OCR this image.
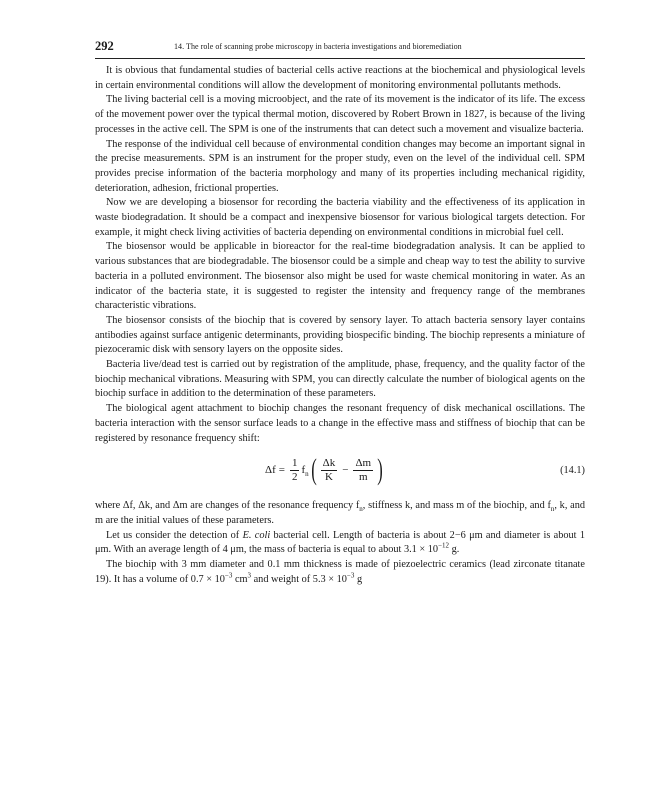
292	14. The role of scanning probe microscopy in bacteria investigations and bioremediation

It is obvious that fundamental studies of bacterial cells active reactions at the biochemical and physiological levels in certain environmental conditions will allow the development of monitoring environmental pollutants methods.

The living bacterial cell is a moving microobject, and the rate of its movement is the indicator of its life. The excess of the movement power over the typical thermal motion, discovered by Robert Brown in 1827, is because of the living processes in the active cell. The SPM is one of the instruments that can detect such a movement and visualize bacteria.

The response of the individual cell because of environmental condition changes may become an important signal in the precise measurements. SPM is an instrument for the proper study, even on the level of the individual cell. SPM provides precise information of the bacteria morphology and many of its properties including mechanical rigidity, deterioration, adhesion, frictional properties.

Now we are developing a biosensor for recording the bacteria viability and the effectiveness of its application in waste biodegradation. It should be a compact and inexpensive biosensor for various biological targets detection. For example, it might check living activities of bacteria depending on environmental conditions in microbial fuel cell.

The biosensor would be applicable in bioreactor for the real-time biodegradation analysis. It can be applied to various substances that are biodegradable. The biosensor could be a simple and cheap way to test the ability to survive bacteria in a polluted environment. The biosensor also might be used for waste chemical monitoring in water. As an indicator of the bacteria state, it is suggested to register the intensity and frequency range of the membranes characteristic vibrations.

The biosensor consists of the biochip that is covered by sensory layer. To attach bacteria sensory layer contains antibodies against surface antigenic determinants, providing biospecific binding. The biochip represents a miniature of piezoceramic disk with sensory layers on the opposite sides.

Bacteria live/dead test is carried out by registration of the amplitude, phase, frequency, and the quality factor of the biochip mechanical vibrations. Measuring with SPM, you can directly calculate the number of biological agents on the biochip surface in addition to the determination of these parameters.

The biological agent attachment to biochip changes the resonant frequency of disk mechanical oscillations. The bacteria interaction with the sensor surface leads to a change in the effective mass and stiffness of biochip that can be registered by resonance frequency shift:

$\Delta f = \frac{1}{2} f_n$ ( $\frac{\Delta k}{K} - \frac{\Delta m}{m}$ )	(14.1)

where Δf, Δk, and Δm are changes of the resonance frequency $f_n$, stiffness k, and mass m of the biochip, and $f_n$, k, and m are the initial values of these parameters.

Let us consider the detection of E. coli bacterial cell. Length of bacteria is about 2−6 μm and diameter is about 1 μm. With an average length of 4 μm, the mass of bacteria is equal to about $3.1 \times 10^{-12}$ g.

The biochip with 3 mm diameter and 0.1 mm thickness is made of piezoelectric ceramics (lead zirconate titanate 19). It has a volume of $0.7 \times 10^{-3}$ $cm^3$ and weight of $5.3 \times 10^{-3}$ g
